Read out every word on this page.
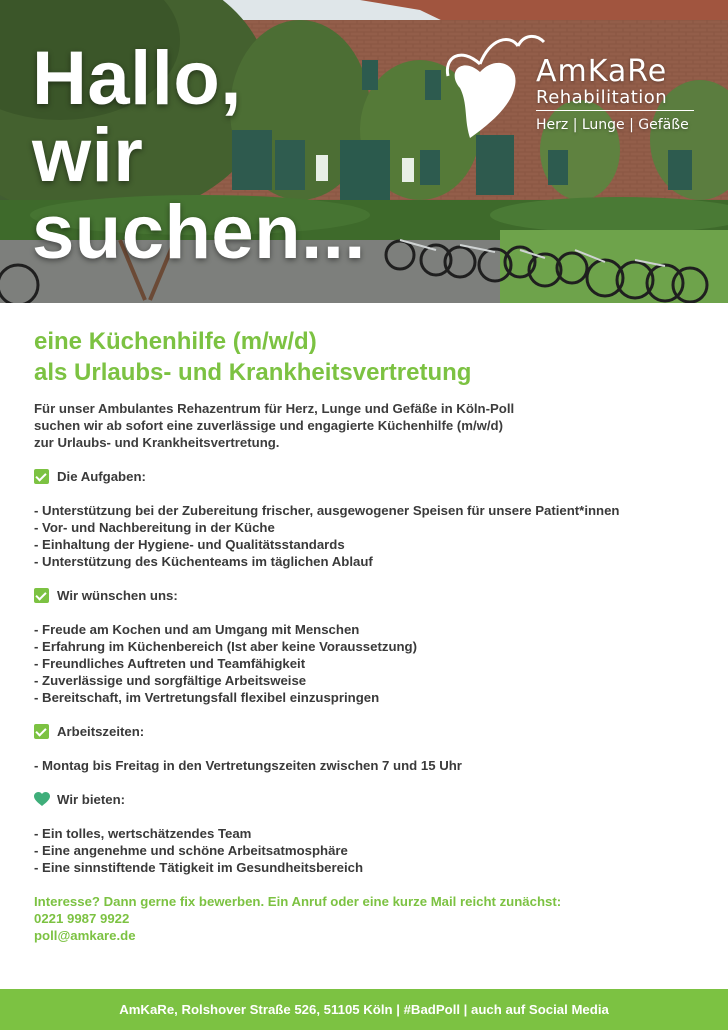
Hallo,
wir
suchen...
AmKaRe
Rehabilitation
Herz | Lunge | Gefäße
eine Küchenhilfe (m/w/d)
als Urlaubs- und Krankheitsvertretung
Für unser Ambulantes Rehazentrum für Herz, Lunge und Gefäße in Köln-Poll
suchen wir ab sofort eine zuverlässige und engagierte Küchenhilfe (m/w/d)
zur Urlaubs- und Krankheitsvertretung.
Die Aufgaben:
- Unterstützung bei der Zubereitung frischer, ausgewogener Speisen für unsere Patient*innen
- Vor- und Nachbereitung in der Küche
- Einhaltung der Hygiene- und Qualitätsstandards
- Unterstützung des Küchenteams im täglichen Ablauf
Wir wünschen uns:
- Freude am Kochen und am Umgang mit Menschen
- Erfahrung im Küchenbereich (Ist aber keine Voraussetzung)
- Freundliches Auftreten und Teamfähigkeit
- Zuverlässige und sorgfältige Arbeitsweise
- Bereitschaft, im Vertretungsfall flexibel einzuspringen
Arbeitszeiten:
- Montag bis Freitag in den Vertretungszeiten zwischen 7 und 15 Uhr
Wir bieten:
- Ein tolles, wertschätzendes Team
- Eine angenehme und schöne Arbeitsatmosphäre
- Eine sinnstiftende Tätigkeit im Gesundheitsbereich
Interesse? Dann gerne fix bewerben. Ein Anruf oder eine kurze Mail reicht zunächst:
0221 9987 9922
poll@amkare.de
AmKaRe, Rolshover Straße 526, 51105 Köln | #BadPoll | auch auf Social Media
